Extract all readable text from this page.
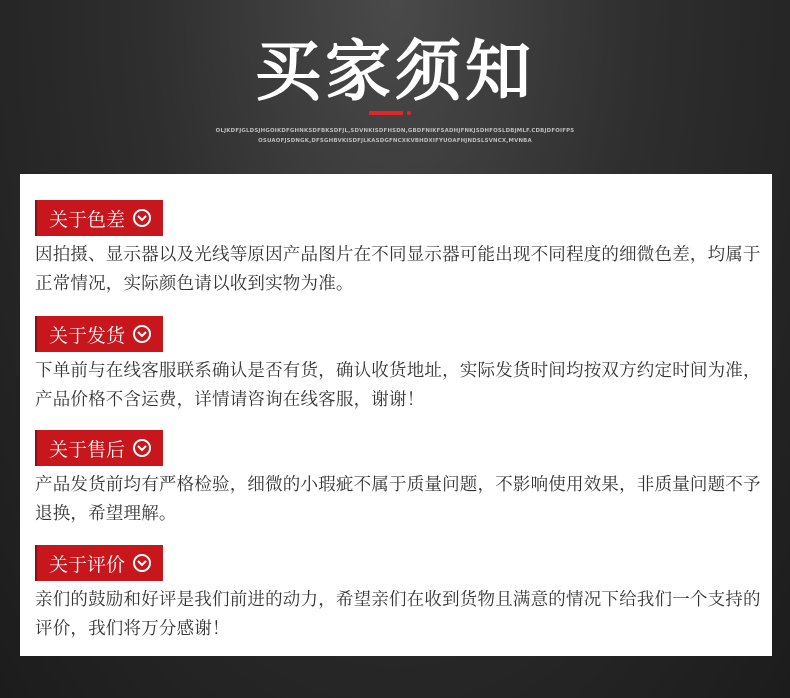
买家须知
OLJKDFJGLDSJHGOIKDFGHNKSDFBKSDFJL,SDVNKISDFHSDN,GBDFNIKFSADHJFNKJSDHFOSLDBJMLF.CDBJDFOIFPS
OSUAOFJSDNGK,DFSGHBVKISDFJLKASDGFNCXKVBHDXIFYUOAFHJNDSLSVNCX,MVNBA
关于色差
因拍摄、显示器以及光线等原因产品图片在不同显示器可能出现不同程度的细微色差，均属于正常情况，实际颜色请以收到实物为准。
关于发货
下单前与在线客服联系确认是否有货，确认收货地址，实际发货时间均按双方约定时间为准，产品价格不含运费，详情请咨询在线客服，谢谢！
关于售后
产品发货前均有严格检验，细微的小瑕疵不属于质量问题，不影响使用效果，非质量问题不予退换，希望理解。
关于评价
亲们的鼓励和好评是我们前进的动力，希望亲们在收到货物且满意的情况下给我们一个支持的评价，我们将万分感谢！
